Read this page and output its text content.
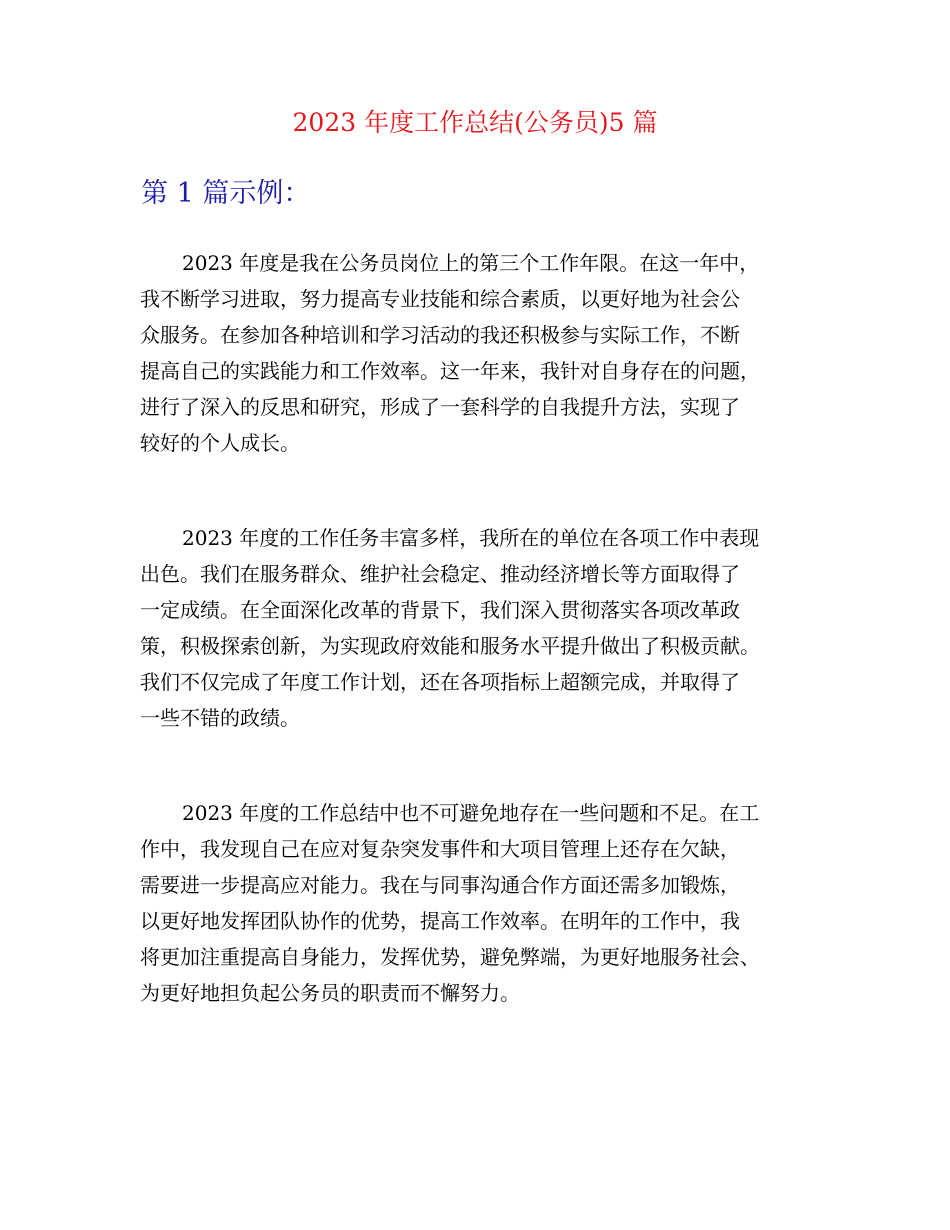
2023 年度工作总结(公务员)5 篇
第 1 篇示例：
2023 年度是我在公务员岗位上的第三个工作年限。在这一年中，
我不断学习进取，努力提高专业技能和综合素质，以更好地为社会公
众服务。在参加各种培训和学习活动的我还积极参与实际工作，不断
提高自己的实践能力和工作效率。这一年来，我针对自身存在的问题，
进行了深入的反思和研究，形成了一套科学的自我提升方法，实现了
较好的个人成长。
2023 年度的工作任务丰富多样，我所在的单位在各项工作中表现
出色。我们在服务群众、维护社会稳定、推动经济增长等方面取得了
一定成绩。在全面深化改革的背景下，我们深入贯彻落实各项改革政
策，积极探索创新，为实现政府效能和服务水平提升做出了积极贡献。
我们不仅完成了年度工作计划，还在各项指标上超额完成，并取得了
一些不错的政绩。
2023 年度的工作总结中也不可避免地存在一些问题和不足。在工
作中，我发现自己在应对复杂突发事件和大项目管理上还存在欠缺，
需要进一步提高应对能力。我在与同事沟通合作方面还需多加锻炼，
以更好地发挥团队协作的优势，提高工作效率。在明年的工作中，我
将更加注重提高自身能力，发挥优势，避免弊端，为更好地服务社会、
为更好地担负起公务员的职责而不懈努力。
